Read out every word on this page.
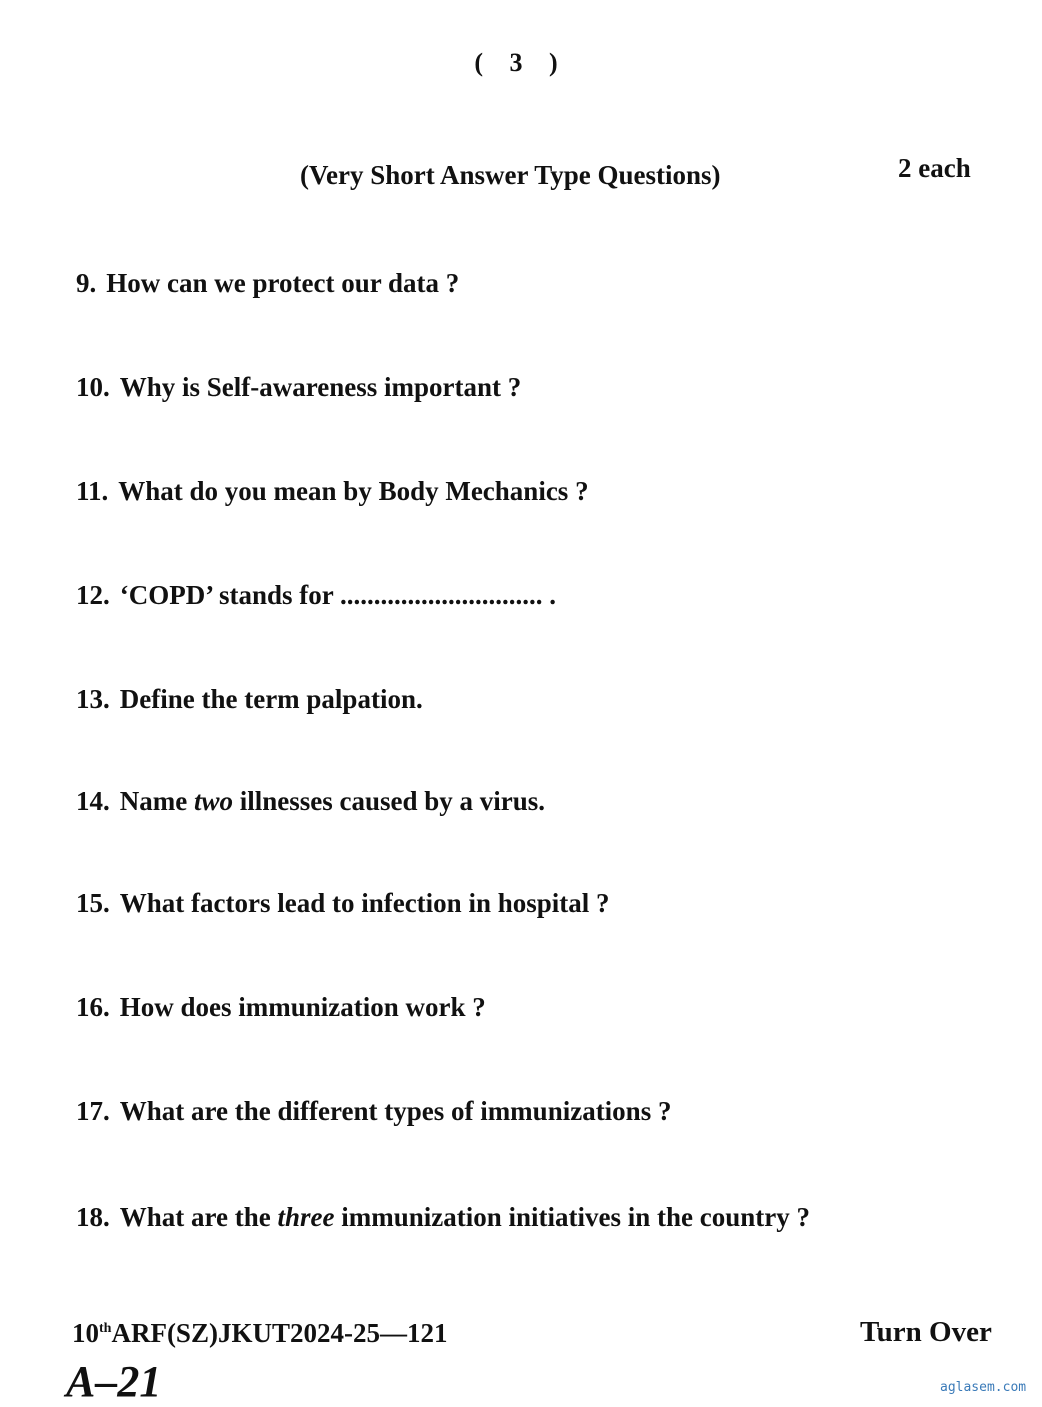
( 3 )
(Very Short Answer Type Questions)	2 each
9. How can we protect our data ?
10. Why is Self-awareness important ?
11. What do you mean by Body Mechanics ?
12. ‘COPD’ stands for .............................. .
13. Define the term palpation.
14. Name two illnesses caused by a virus.
15. What factors lead to infection in hospital ?
16. How does immunization work ?
17. What are the different types of immunizations ?
18. What are the three immunization initiatives in the country ?
10thARF(SZ)JKUT2024-25—121
A–21
Turn Over
aglasem.com
